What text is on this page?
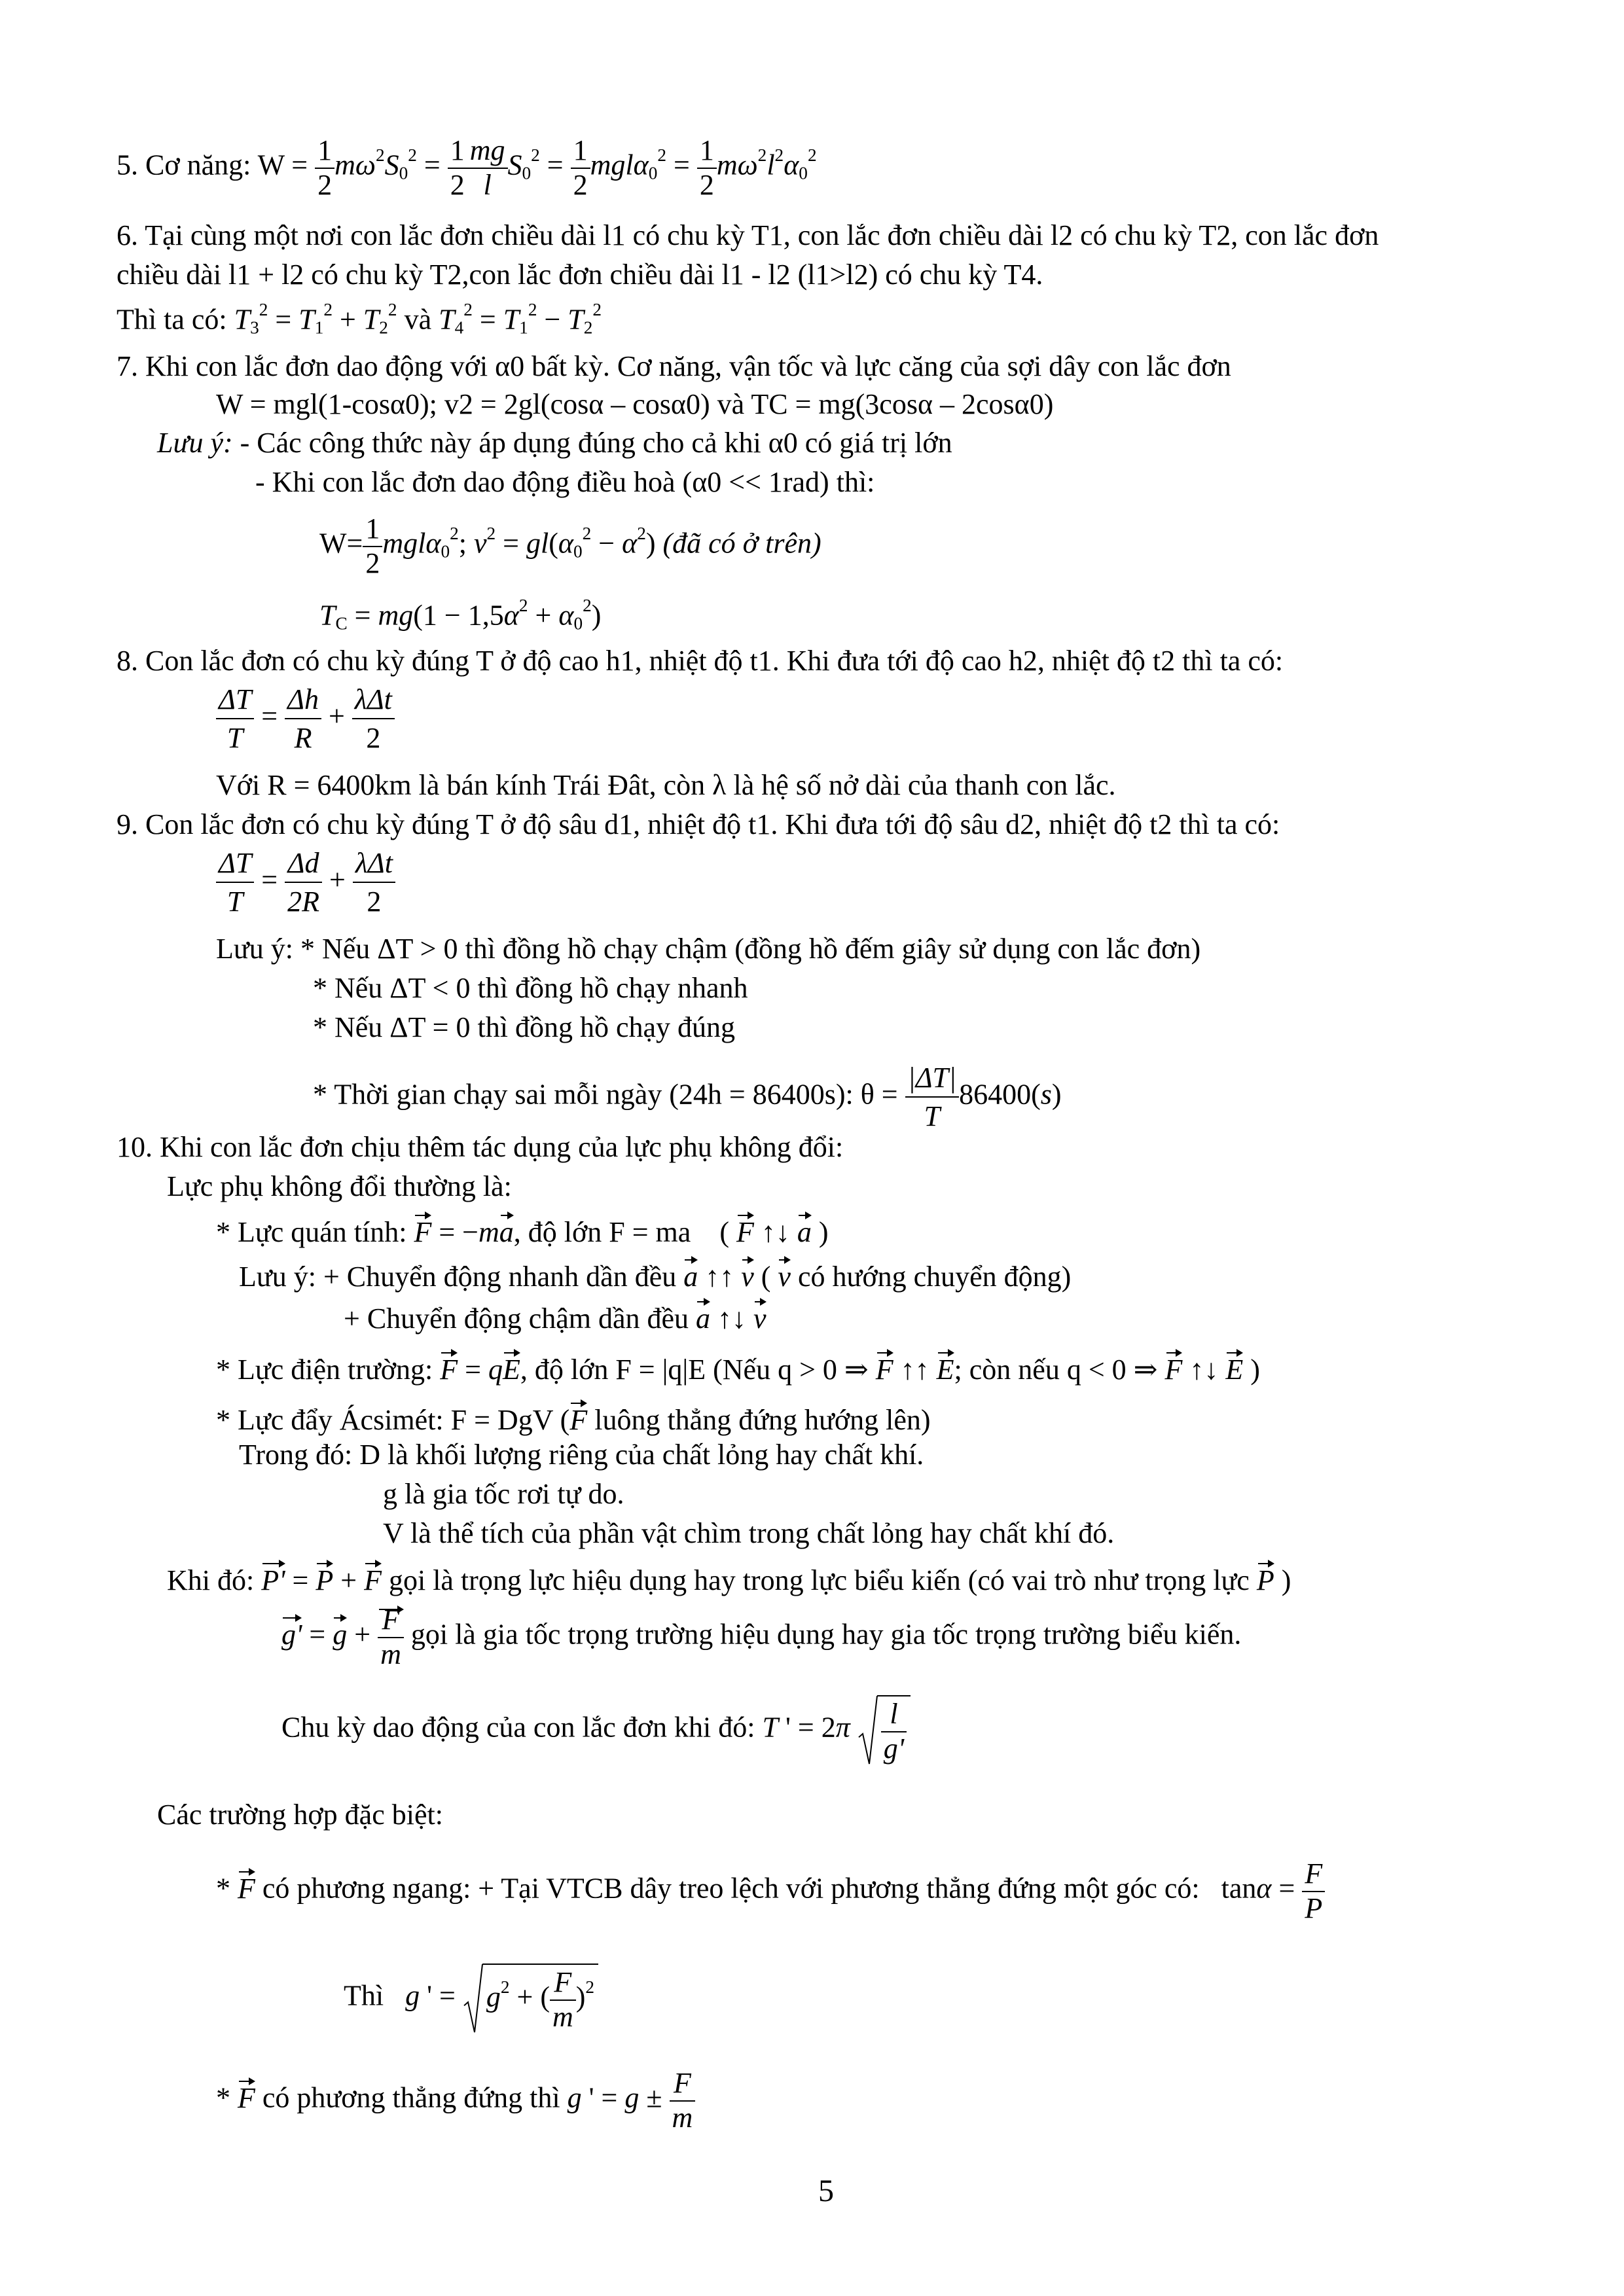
5. Cơ năng: $W = \frac{1}{2} m\omega^2S_0^2 = \frac{1}{2} \frac{mg}{l} S_0^2 = \frac{1}{2} mgl\alpha_0^2 = \frac{1}{2} m\omega^2l^2\alpha_0^2$
6. Tại cùng một nơi con lắc đơn chiều dài l1 có chu kỳ T1, con lắc đơn chiều dài l2 có chu kỳ T2, con lắc đơn
chiều dài l1 + l2 có chu kỳ T2,con lắc đơn chiều dài l1 - l2 (l1>l2) có chu kỳ T4.
Thì ta có: $T_3^2 = T_1^2 + T_2^2$ và $T_4^2 = T_1^2 - T_2^2$
7. Khi con lắc đơn dao động với α0 bất kỳ. Cơ năng, vận tốc và lực căng của sợi dây con lắc đơn
W = mgl(1-cosα0); v2 = 2gl(cosα – cosα0) và TC = mg(3cosα – 2cosα0)
Lưu ý: - Các công thức này áp dụng đúng cho cả khi α0 có giá trị lớn
- Khi con lắc đơn dao động điều hoà (α0 << 1rad) thì:
$W= \frac{1}{2} mgl\alpha_0^2$; $v^2 = gl(\alpha_0^2 - \alpha^2)$ (đã có ở trên)
$T_C = mg(1 - 1,5\alpha^2 + \alpha_0^2)$
8. Con lắc đơn có chu kỳ đúng T ở độ cao h1, nhiệt độ t1. Khi đưa tới độ cao h2, nhiệt độ t2 thì ta có:
$\frac{\Delta T}{T} = \frac{\Delta h}{R}$ +
λΔt
2
Với R = 6400km là bán kính Trái Đât, còn λ là hệ số nở dài của thanh con lắc.
9. Con lắc đơn có chu kỳ đúng T ở độ sâu d1, nhiệt độ t1. Khi đưa tới độ sâu d2, nhiệt độ t2 thì ta có:
$\frac{\Delta T}{T} = \frac{\Delta d}{2R}$ +
λΔt
2
Lưu ý: * Nếu ΔT > 0 thì đồng hồ chạy chậm (đồng hồ đếm giây sử dụng con lắc đơn)
* Nếu ΔT < 0 thì đồng hồ chạy nhanh
* Nếu ΔT = 0 thì đồng hồ chạy đúng
* Thời gian chạy sai mỗi ngày (24h = 86400s): $\theta = \frac{|\Delta T|}{T} 86400(s)$
10. Khi con lắc đơn chịu thêm tác dụng của lực phụ không đổi:
Lực phụ không đổi thường là:
* Lực quán tính: F = −ma, độ lớn F = ma    ( F ↑↓ a )
Lưu ý: + Chuyển động nhanh dần đều a ↑↑ v ( v có hướng chuyển động)
+ Chuyển động chậm dần đều a ↑↓ v
* Lực điện trường: F = qE, độ lớn F = |q|E (Nếu q > 0 ⇒ F ↑↑ E; còn nếu q < 0 ⇒ F ↑↓ E )
* Lực đẩy Ácsimét: F = DgV (F luông thẳng đứng hướng lên)
Trong đó: D là khối lượng riêng của chất lỏng hay chất khí.
g là gia tốc rơi tự do.
V là thể tích của phần vật chìm trong chất lỏng hay chất khí đó.
Khi đó: P' = P + F gọi là trọng lực hiệu dụng hay trong lực biểu kiến (có vai trò như trọng lực P )
$g' = g + \frac{F}{m}$ gọi là gia tốc trọng trường hiệu dụng hay gia tốc trọng trường biểu kiến.
Chu kỳ dao động của con lắc đơn khi đó: T ' = $2\pi \frac{l}{g'}$
Các trường hợp đặc biệt:
* F có phương ngang: + Tại VTCB dây treo lệch với phương thẳng đứng một góc có:   $\tan\alpha = \frac{F}{P}$
Thì g ' =
$g^2$ + ( $\frac{F}{m} )^2$
* F có phương thẳng đứng thì g ' = $g \pm \frac{F}{m}$
5
